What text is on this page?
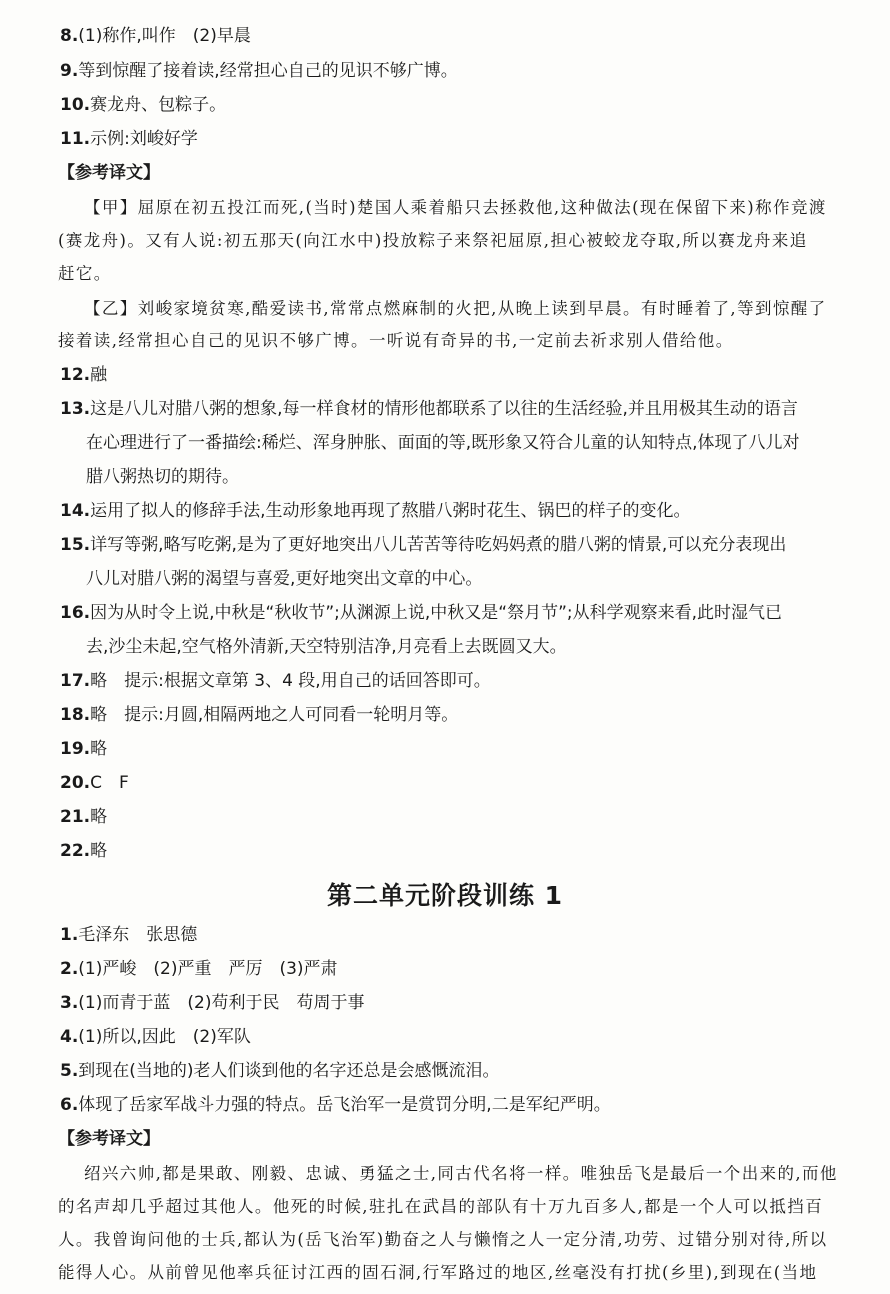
8.(1)称作,叫作　(2)早晨
9.等到惊醒了接着读,经常担心自己的见识不够广博。
10.赛龙舟、包粽子。
11.示例:刘峻好学
【参考译文】
【甲】屈原在初五投江而死,(当时)楚国人乘着船只去拯救他,这种做法(现在保留下来)称作竞渡
(赛龙舟)。又有人说:初五那天(向江水中)投放粽子来祭祀屈原,担心被蛟龙夺取,所以赛龙舟来追
赶它。
【乙】刘峻家境贫寒,酷爱读书,常常点燃麻制的火把,从晚上读到早晨。有时睡着了,等到惊醒了
接着读,经常担心自己的见识不够广博。一听说有奇异的书,一定前去祈求别人借给他。
12.融
13.这是八儿对腊八粥的想象,每一样食材的情形他都联系了以往的生活经验,并且用极其生动的语言
在心理进行了一番描绘:稀烂、浑身肿胀、面面的等,既形象又符合儿童的认知特点,体现了八儿对
腊八粥热切的期待。
14.运用了拟人的修辞手法,生动形象地再现了熬腊八粥时花生、锅巴的样子的变化。
15.详写等粥,略写吃粥,是为了更好地突出八儿苦苦等待吃妈妈煮的腊八粥的情景,可以充分表现出
八儿对腊八粥的渴望与喜爱,更好地突出文章的中心。
16.因为从时令上说,中秋是“秋收节”;从渊源上说,中秋又是“祭月节”;从科学观察来看,此时湿气已
去,沙尘未起,空气格外清新,天空特别洁净,月亮看上去既圆又大。
17.略　提示:根据文章第 3、4 段,用自己的话回答即可。
18.略　提示:月圆,相隔两地之人可同看一轮明月等。
19.略
20.C　F
21.略
22.略
第二单元阶段训练 1
1.毛泽东　张思德
2.(1)严峻　(2)严重　严厉　(3)严肃
3.(1)而青于蓝　(2)苟利于民　苟周于事
4.(1)所以,因此　(2)军队
5.到现在(当地的)老人们谈到他的名字还总是会感慨流泪。
6.体现了岳家军战斗力强的特点。岳飞治军一是赏罚分明,二是军纪严明。
【参考译文】
绍兴六帅,都是果敢、刚毅、忠诚、勇猛之士,同古代名将一样。唯独岳飞是最后一个出来的,而他
的名声却几乎超过其他人。他死的时候,驻扎在武昌的部队有十万九百多人,都是一个人可以抵挡百
人。我曾询问他的士兵,都认为(岳飞治军)勤奋之人与懒惰之人一定分清,功劳、过错分别对待,所以
能得人心。从前曾见他率兵征讨江西的固石洞,行军路过的地区,丝毫没有打扰(乡里),到现在(当地
